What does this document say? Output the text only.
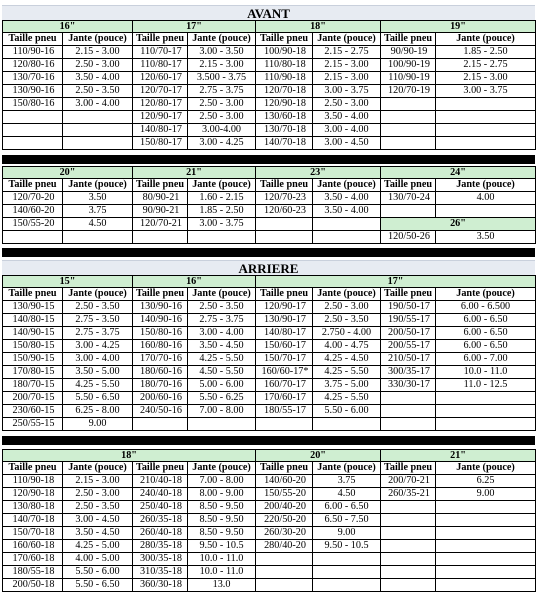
AVANT
16"		17"		18"		19"	
Taille pneu	Jante (pouce)	Taille pneu	Jante (pouce)	Taille pneu	Jante (pouce)	Taille pneu	Jante (pouce)
110/90-16	2.15 - 3.00	110/70-17	3.00 - 3.50	100/90-18	2.15 - 2.75	90/90-19	1.85 - 2.50
120/80-16	2.50 - 3.00	110/80-17	2.15 - 3.00	110/80-18	2.15 - 3.00	100/90-19	2.15 - 2.75
130/70-16	3.50 - 4.00	120/60-17	3.500 - 3.75	110/90-18	2.15 - 3.00	110/90-19	2.15 - 3.00
130/90-16	2.50 - 3.50	120/70-17	2.75 - 3.75	120/70-18	3.00 - 3.75	120/70-19	3.00 - 3.75
150/80-16	3.00 - 4.00	120/80-17	2.50 - 3.00	120/90-18	2.50 - 3.00		
		120/90-17	2.50 - 3.00	130/60-18	3.50 - 4.00		
		140/80-17	3.00-4.00	130/70-18	3.00 - 4.00		
		150/80-17	3.00 - 4.25	140/70-18	3.00 - 4.50		
20"		21"		23"		24"	
Taille pneu	Jante (pouce)	Taille pneu	Jante (pouce)	Taille pneu	Jante (pouce)	Taille pneu	Jante (pouce)
120/70-20	3.50	80/90-21	1.60 - 2.15	120/70-23	3.50 - 4.00	130/70-24	4.00
140/60-20	3.75	90/90-21	1.85 - 2.50	120/60-23	3.50 - 4.00		
150/55-20	4.50	120/70-21	3.00 - 3.75			26"	
						120/50-26	3.50
ARRIERE
15"		16"		17"			
Taille pneu	Jante (pouce)	Taille pneu	Jante (pouce)	Taille pneu	Jante (pouce)	Taille pneu	Jante (pouce)
130/90-15	2.50 - 3.50	130/90-16	2.50 - 3.50	120/90-17	2.50 - 3.00	190/50-17	6.00 - 6.500
140/80-15	2.75 - 3.50	140/90-16	2.75 - 3.75	130/90-17	2.50 - 3.50	190/55-17	6.00 - 6.50
140/90-15	2.75 - 3.75	150/80-16	3.00 - 4.00	140/80-17	2.750 - 4.00	200/50-17	6.00 - 6.50
150/80-15	3.00 - 4.25	160/80-16	3.50 - 4.50	150/60-17	4.00 - 4.75	200/55-17	6.00 - 6.50
150/90-15	3.00 - 4.00	170/70-16	4.25 - 5.50	150/70-17	4.25 - 4.50	210/50-17	6.00 - 7.00
170/80-15	3.50 - 5.00	180/60-16	4.50 - 5.50	160/60-17*	4.25 - 5.50	300/35-17	10.0 - 11.0
180/70-15	4.25 - 5.50	180/70-16	5.00 - 6.00	160/70-17	3.75 - 5.00	330/30-17	11.0 - 12.5
200/70-15	5.50 - 6.50	200/60-16	5.50 - 6.25	170/60-17	4.25 - 5.50		
230/60-15	6.25 - 8.00	240/50-16	7.00 - 8.00	180/55-17	5.50 - 6.00		
250/55-15	9.00						
18"				20"		21"	
Taille pneu	Jante (pouce)	Taille pneu	Jante (pouce)	Taille pneu	Jante (pouce)	Taille pneu	Jante (pouce)
110/90-18	2.15 - 3.00	210/40-18	7.00 - 8.00	140/60-20	3.75	200/70-21	6.25
120/90-18	2.50 - 3.00	240/40-18	8.00 - 9.00	150/55-20	4.50	260/35-21	9.00
130/80-18	2.50 - 3.50	250/40-18	8.50 - 9.50	200/40-20	6.00 - 6.50		
140/70-18	3.00 - 4.50	260/35-18	8.50 - 9.50	220/50-20	6.50 - 7.50		
150/70-18	3.50 - 4.50	260/40-18	8.50 - 9.50	260/30-20	9.00		
160/60-18	4.25 - 5.00	280/35-18	9.50 - 10.5	280/40-20	9.50 - 10.5		
170/60-18	4.00 - 5.00	300/35-18	10.0 - 11.0				
180/55-18	5.50 - 6.00	310/35-18	10.0 - 11.0				
200/50-18	5.50 - 6.50	360/30-18	13.0				
